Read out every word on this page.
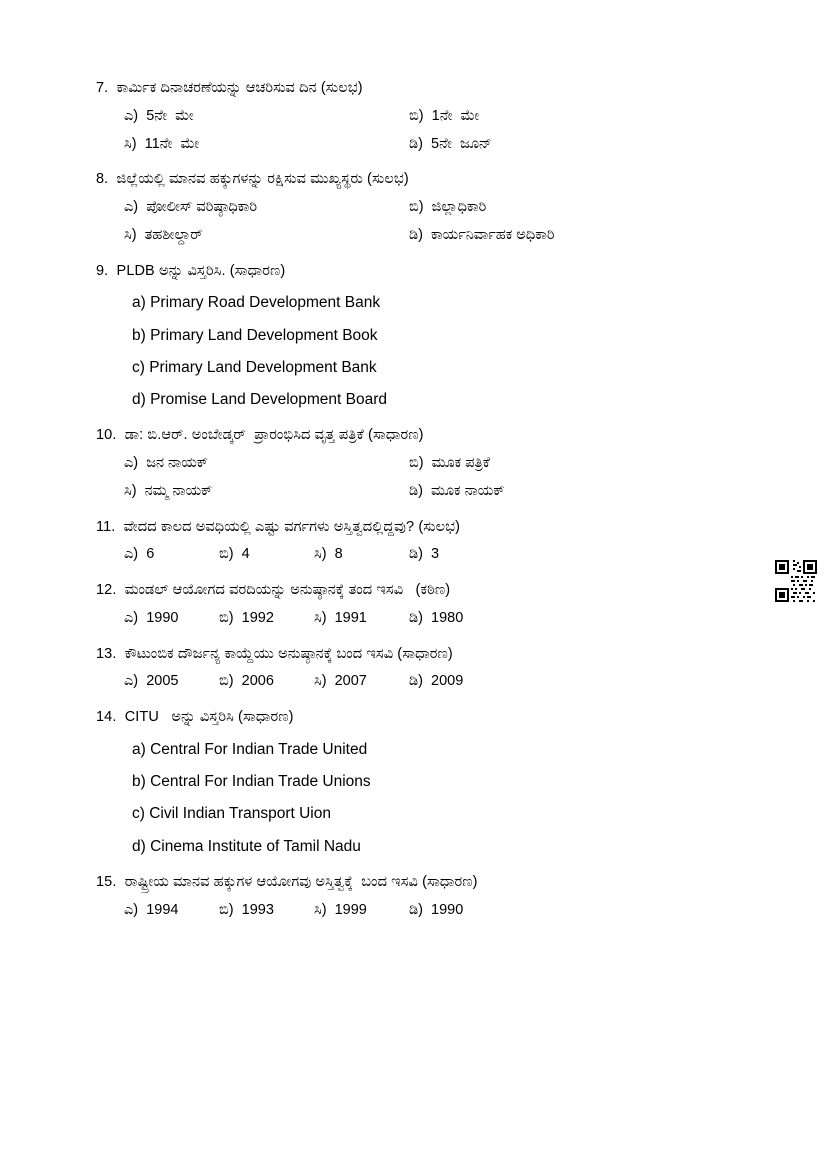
7.  ಕಾರ್ಮಿಕ ದಿನಾಚರಣೆಯನ್ನು ಆಚರಿಸುವ ದಿನ (ಸುಲಭ)
ಎ)  5ನೇ  ಮೇ	ಬಿ)  1ನೇ  ಮೇ
ಸಿ)  11ನೇ  ಮೇ	ಡಿ)  5ನೇ  ಜೂನ್
8.  ಜಿಲ್ಲೆಯಲ್ಲಿ ಮಾನವ ಹಕ್ಕುಗಳನ್ನು ರಕ್ಷಿಸುವ ಮುಖ್ಯಸ್ಥರು (ಸುಲಭ)
ಎ)  ಪೋಲೀಸ್ ವರಿಷ್ಠಾಧಿಕಾರಿ	ಬಿ)  ಜಿಲ್ಲಾಧಿಕಾರಿ
ಸಿ)  ತಹಶೀಲ್ದಾರ್	ಡಿ)  ಕಾರ್ಯನಿರ್ವಾಹಕ ಅಧಿಕಾರಿ
9.  PLDB ಅನ್ನು ವಿಸ್ತರಿಸಿ. (ಸಾಧಾರಣ)
a) Primary Road Development Bank
b) Primary Land Development Book
c) Primary Land Development Bank
d) Promise Land Development Board
10.  ಡಾ: ಬಿ.ಆರ್. ಅಂಬೇಡ್ಕರ್  ಪ್ರಾರಂಭಿಸಿದ ವೃತ್ತ ಪತ್ರಿಕೆ (ಸಾಧಾರಣ)
ಎ)  ಜನ ನಾಯಕ್	ಬಿ)  ಮೂಕ ಪತ್ರಿಕೆ
ಸಿ)  ನಮ್ಮ ನಾಯಕ್	ಡಿ)  ಮೂಕ ನಾಯಕ್
11.  ವೇದದ ಕಾಲದ ಅವಧಿಯಲ್ಲಿ ಎಷ್ಟು ವರ್ಗಗಳು ಅಸ್ತಿತ್ವದಲ್ಲಿದ್ದವು? (ಸುಲಭ)
ಎ)  6	ಬಿ)  4	ಸಿ)  8	ಡಿ)  3
12.  ಮಂಡಲ್ ಆಯೋಗದ ವರದಿಯನ್ನು ಅನುಷ್ಠಾನಕ್ಕೆ ತಂದ ಇಸವಿ   (ಕಠಿಣ)
ಎ)  1990	ಬಿ)  1992	ಸಿ)  1991	ಡಿ)  1980
13.  ಕೌಟುಂಬಿಕ ದೌರ್ಜನ್ಯ ಕಾಯ್ದೆಯು ಅನುಷ್ಠಾನಕ್ಕೆ ಬಂದ ಇಸವಿ (ಸಾಧಾರಣ)
ಎ)  2005	ಬಿ)  2006	ಸಿ)  2007	ಡಿ)  2009
14.  CITU   ಅನ್ನು ವಿಸ್ತರಿಸಿ (ಸಾಧಾರಣ)
a) Central For Indian Trade United
b) Central For Indian Trade Unions
c) Civil Indian Transport Uion
d) Cinema Institute of Tamil Nadu
15.  ರಾಷ್ಟ್ರೀಯ ಮಾನವ ಹಕ್ಕುಗಳ ಆಯೋಗವು ಅಸ್ತಿತ್ವಕ್ಕೆ  ಬಂದ ಇಸವಿ (ಸಾಧಾರಣ)
ಎ)  1994	ಬಿ)  1993	ಸಿ)  1999	ಡಿ)  1990
